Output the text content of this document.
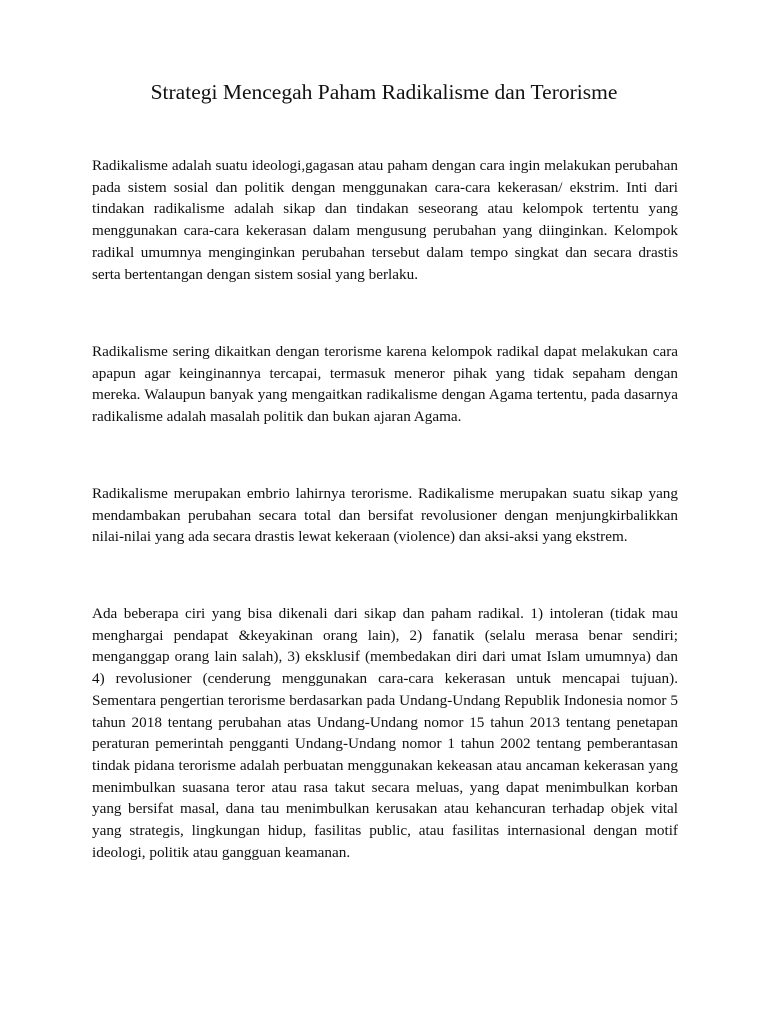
Strategi Mencegah Paham Radikalisme dan Terorisme

Radikalisme adalah suatu ideologi,gagasan atau paham dengan cara ingin melakukan perubahan pada sistem sosial dan politik dengan menggunakan cara-cara kekerasan/ ekstrim. Inti dari tindakan radikalisme adalah sikap dan tindakan seseorang atau kelompok tertentu yang menggunakan cara-cara kekerasan dalam mengusung perubahan yang diinginkan. Kelompok radikal umumnya menginginkan perubahan tersebut dalam tempo singkat dan secara drastis serta bertentangan dengan sistem sosial yang berlaku.

Radikalisme sering dikaitkan dengan terorisme karena kelompok radikal dapat melakukan cara apapun agar keinginannya tercapai, termasuk meneror pihak yang tidak sepaham dengan mereka. Walaupun banyak yang mengaitkan radikalisme dengan Agama tertentu, pada dasarnya radikalisme adalah masalah politik dan bukan ajaran Agama.

Radikalisme merupakan embrio lahirnya terorisme. Radikalisme merupakan suatu sikap yang mendambakan perubahan secara total dan bersifat revolusioner dengan menjungkirbalikkan nilai-nilai yang ada secara drastis lewat kekeraan (violence) dan aksi-aksi yang ekstrem.

Ada beberapa ciri yang bisa dikenali dari sikap dan paham radikal. 1) intoleran (tidak mau menghargai pendapat &keyakinan orang lain), 2) fanatik (selalu merasa benar sendiri; menganggap orang lain salah), 3) eksklusif (membedakan diri dari umat Islam umumnya) dan 4) revolusioner (cenderung menggunakan cara-cara kekerasan untuk mencapai tujuan). Sementara pengertian terorisme berdasarkan pada Undang-Undang Republik Indonesia nomor 5 tahun 2018 tentang perubahan atas Undang-Undang nomor 15 tahun 2013 tentang penetapan peraturan pemerintah pengganti Undang-Undang nomor 1 tahun 2002 tentang pemberantasan tindak pidana terorisme adalah perbuatan menggunakan kekeasan atau ancaman kekerasan yang menimbulkan suasana teror atau rasa takut secara meluas, yang dapat menimbulkan korban yang bersifat masal, dana tau menimbulkan kerusakan atau kehancuran terhadap objek vital yang strategis, lingkungan hidup, fasilitas public, atau fasilitas internasional dengan motif ideologi, politik atau gangguan keamanan.
